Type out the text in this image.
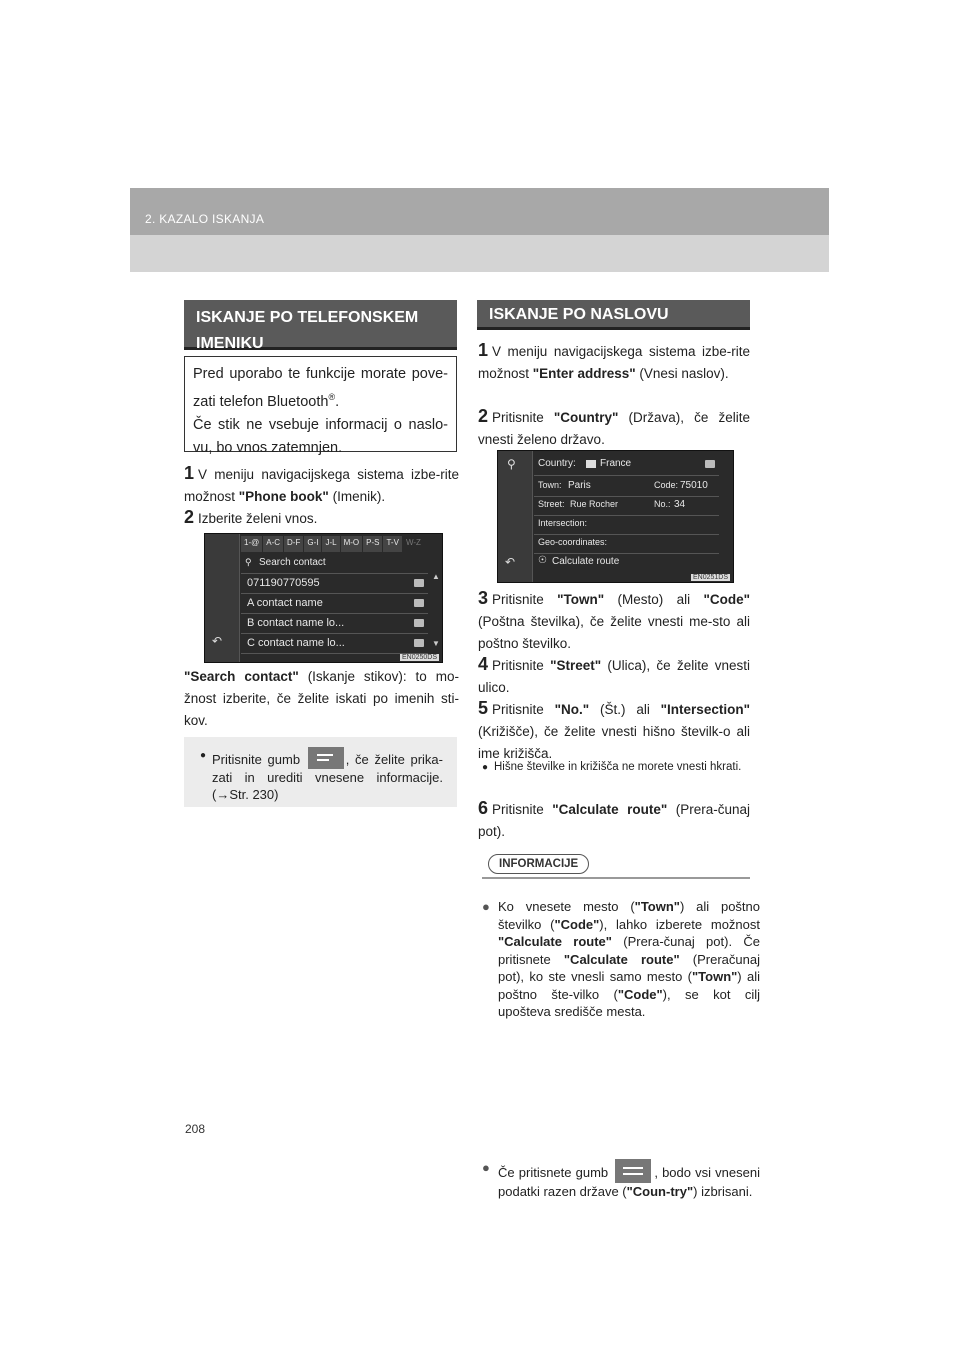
2. KAZALO ISKANJA
ISKANJE PO TELEFONSKEM
IMENIKU

Pred uporabo te funkcije morate pove-zati telefon Bluetooth®.

Če stik ne vsebuje informacij o naslo-vu, bo vnos zatemnjen.

1 V meniju navigacijskega sistema izbe-rite možnost "Phone book" (Imenik).
2 Izberite želeni vnos.
↶
1-@ A-C D-F G-I J-L M-O P-S T-V W-Z
⚲ Search contact
071190770595
A contact name
B contact name lo...
C contact name lo...
▲
▼
EN0250DS
"Search contact" (Iskanje stikov): to mo-žnost izberite, če želite iskati po imenih sti-kov.
● Pritisnite gumb	, če želite prika-zati in urediti vnesene informacije. (→Str. 230)
ISKANJE PO NASLOVU
1 V meniju navigacijskega sistema izbe-rite možnost "Enter address" (Vnesi naslov).
2 Pritisnite "Country" (Država), če želite vnesti želeno državo.
⚲
↶
Country: France
Town: Paris	Code: 75010
Street: Rue Rocher	No.: 34
Intersection:
Geo-coordinates:
☉ Calculate route
EN0251DS
3 Pritisnite "Town" (Mesto) ali "Code" (Poštna številka), če želite vnesti me-sto ali poštno številko.
4 Pritisnite "Street" (Ulica), če želite vnesti ulico.
5 Pritisnite "No." (Št.) ali "Intersection" (Križišče), če želite vnesti hišno številk-o ali ime križišča.
● Hišne številke in križišča ne morete vnesti hkrati.
6 Pritisnite "Calculate route" (Prera-čunaj pot).
INFORMACIJE
● Ko vnesete mesto ("Town") ali poštno številko ("Code"), lahko izberete možnost "Calculate route" (Prera-čunaj pot). Če pritisnete "Calculate route" (Preračunaj pot), ko ste vnesli samo mesto ("Town") ali poštno šte-vilko ("Code"), se kot cilj upošteva središče mesta.
● Če pritisnete gumb	, bodo vsi vneseni podatki razen države ("Coun-try") izbrisani.
208
